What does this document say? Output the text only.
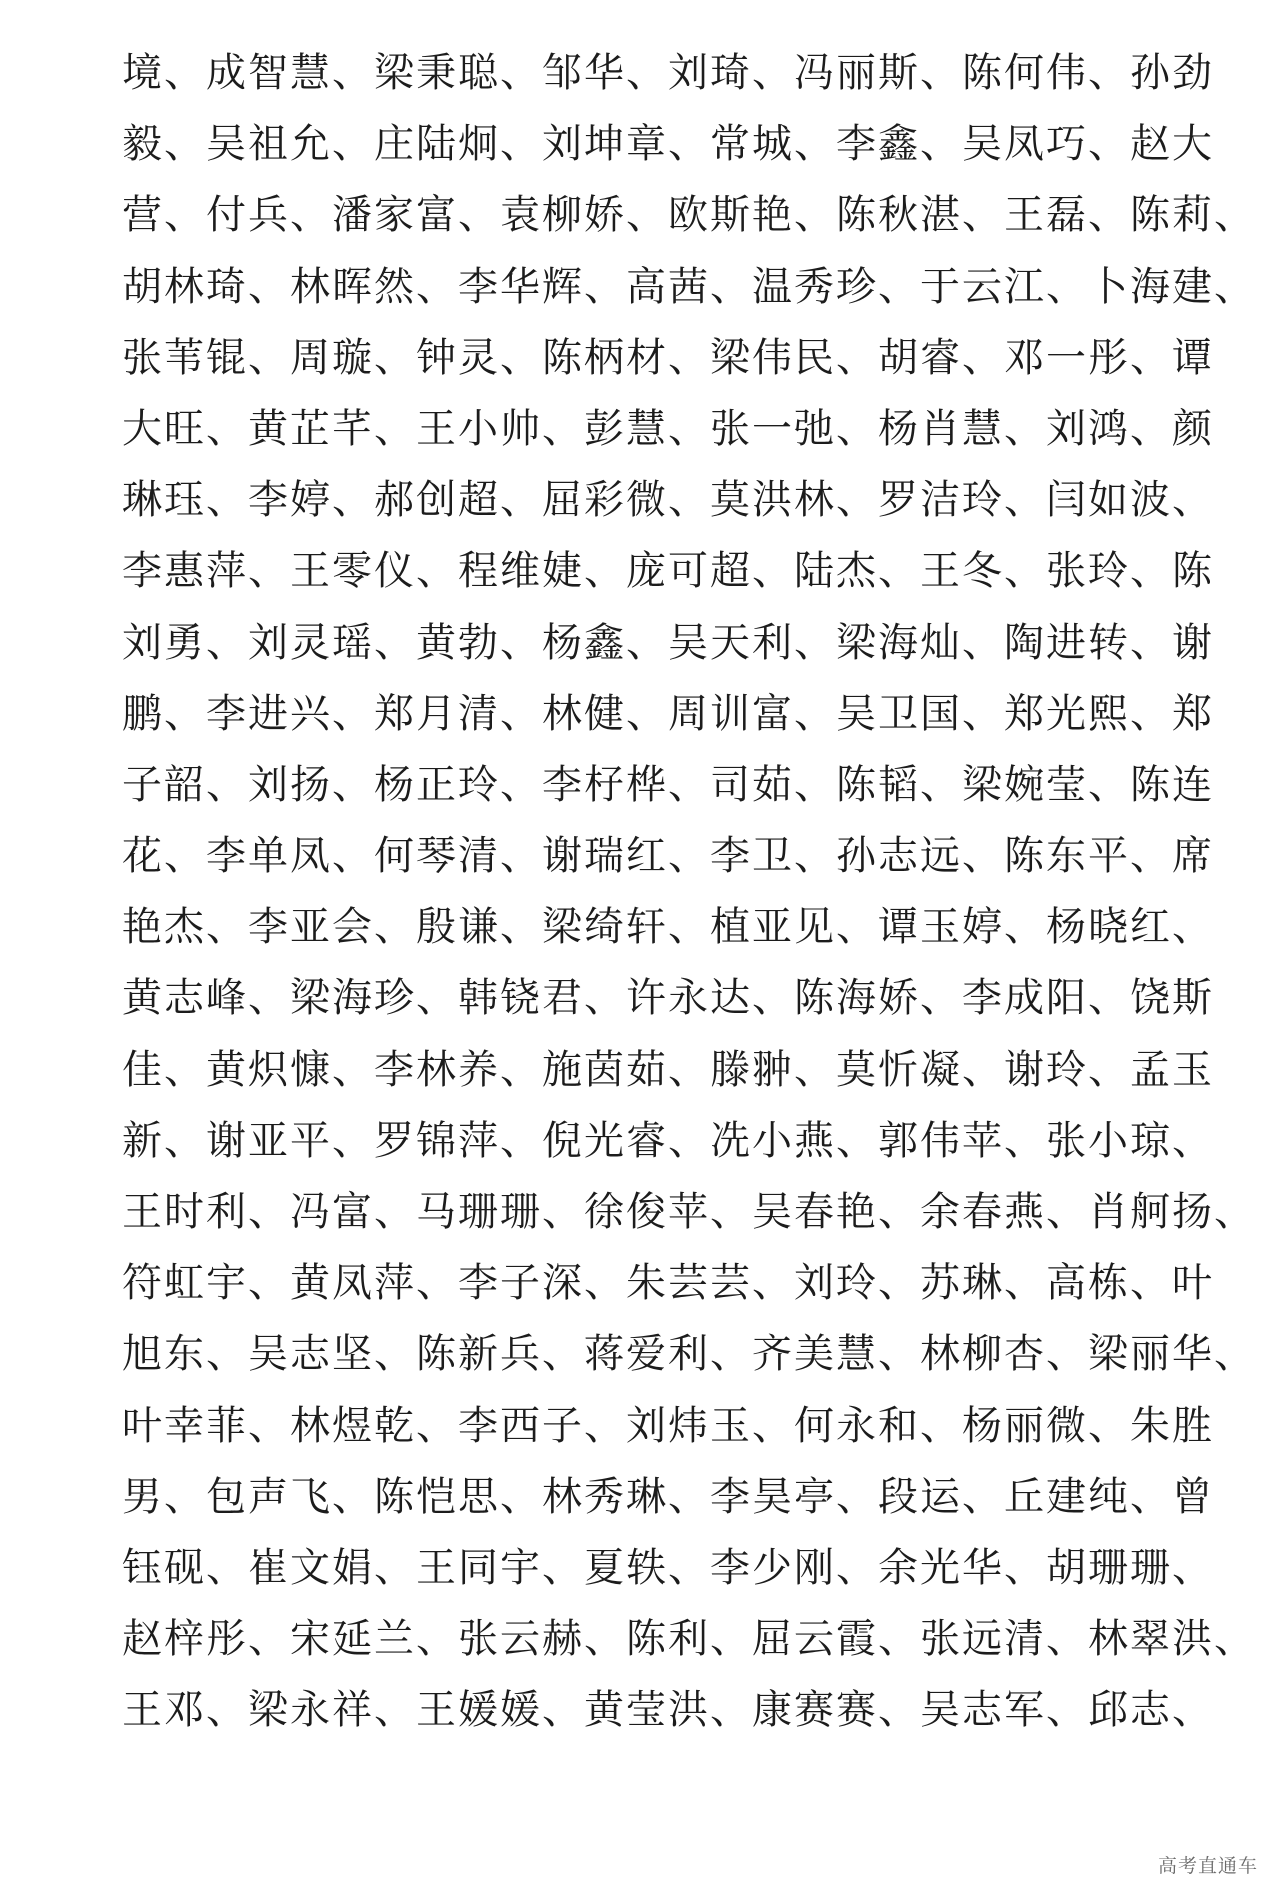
境、成智慧、梁秉聪、邹华、刘琦、冯丽斯、陈何伟、孙劲
毅、吴祖允、庄陆炯、刘坤章、常城、李鑫、吴凤巧、赵大
营、付兵、潘家富、袁柳娇、欧斯艳、陈秋湛、王磊、陈莉、
胡林琦、林晖然、李华辉、高茜、温秀珍、于云江、卜海建、
张苇锟、周璇、钟灵、陈柄材、梁伟民、胡睿、邓一彤、谭
大旺、黄芷芊、王小帅、彭慧、张一弛、杨肖慧、刘鸿、颜
琳珏、李婷、郝创超、屈彩微、莫洪林、罗洁玲、闫如波、
李惠萍、王零仪、程维婕、庞可超、陆杰、王冬、张玲、陈
刘勇、刘灵瑶、黄勃、杨鑫、吴天利、梁海灿、陶进转、谢
鹏、李进兴、郑月清、林健、周训富、吴卫国、郑光熙、郑
子韶、刘扬、杨正玲、李杍桦、司茹、陈韬、梁婉莹、陈连
花、李单凤、何琴清、谢瑞红、李卫、孙志远、陈东平、席
艳杰、李亚会、殷谦、梁绮轩、植亚见、谭玉婷、杨晓红、
黄志峰、梁海珍、韩铙君、许永达、陈海娇、李成阳、饶斯
佳、黄炽慷、李林养、施茵茹、滕翀、莫忻凝、谢玲、孟玉
新、谢亚平、罗锦萍、倪光睿、冼小燕、郭伟苹、张小琼、
王时利、冯富、马珊珊、徐俊苹、吴春艳、余春燕、肖舸扬、
符虹宇、黄凤萍、李子深、朱芸芸、刘玲、苏琳、高栋、叶
旭东、吴志坚、陈新兵、蒋爱利、齐美慧、林柳杏、梁丽华、
叶幸菲、林煜乾、李西子、刘炜玉、何永和、杨丽微、朱胜
男、包声飞、陈恺思、林秀琳、李昊亭、段运、丘建纯、曾
钰砚、崔文娟、王同宇、夏轶、李少刚、余光华、胡珊珊、
赵梓彤、宋延兰、张云赫、陈利、屈云霞、张远清、林翠洪、
王邓、梁永祥、王媛媛、黄莹洪、康赛赛、吴志军、邱志、
高考直通车
